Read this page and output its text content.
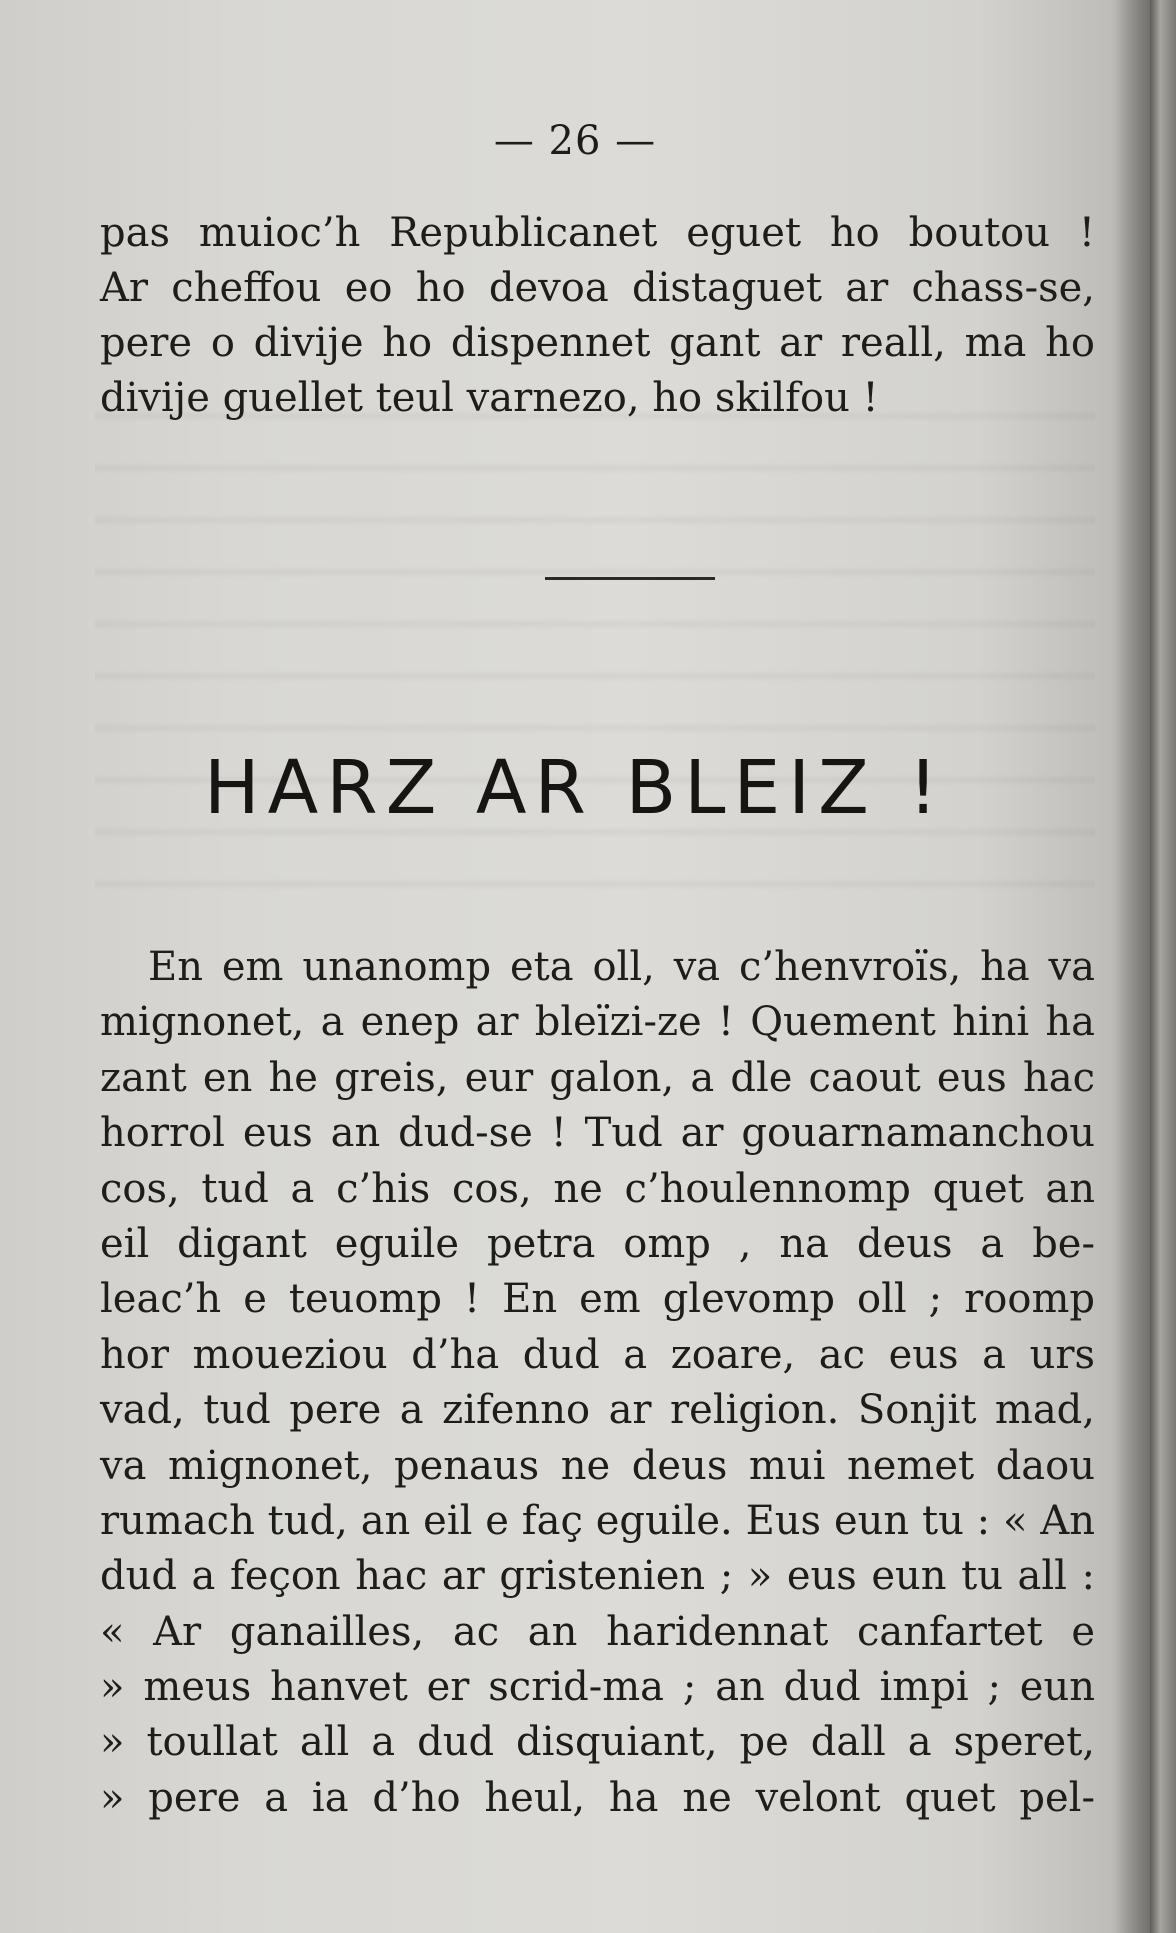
— 26 —
pas muioc’h Republicanet eguet ho boutou !
Ar cheffou eo ho devoa distaguet ar chass-se,
pere o divije ho dispennet gant ar reall, ma ho
divije guellet teul varnezo, ho skilfou !
HARZ AR BLEIZ !
En em unanomp eta oll, va c’henvroïs, ha va
mignonet, a enep ar bleïzi-ze ! Quement hini ha
zant en he greis, eur galon, a dle caout eus hac
horrol eus an dud-se ! Tud ar gouarnamanchou
cos, tud a c’his cos, ne c’houlennomp quet an
eil digant eguile petra omp , na deus a be-
leac’h e teuomp ! En em glevomp oll ; roomp
hor moueziou d’ha dud a zoare, ac eus a urs
vad, tud pere a zifenno ar religion. Sonjit mad,
va mignonet, penaus ne deus mui nemet daou
rumach tud, an eil e faç eguile. Eus eun tu : « An
dud a feçon hac ar gristenien ; » eus eun tu all :
« Ar ganailles, ac an haridennat canfartet e
» meus hanvet er scrid-ma ; an dud impi ; eun
» toullat all a dud disquiant, pe dall a speret,
» pere a ia d’ho heul, ha ne velont quet pel-
